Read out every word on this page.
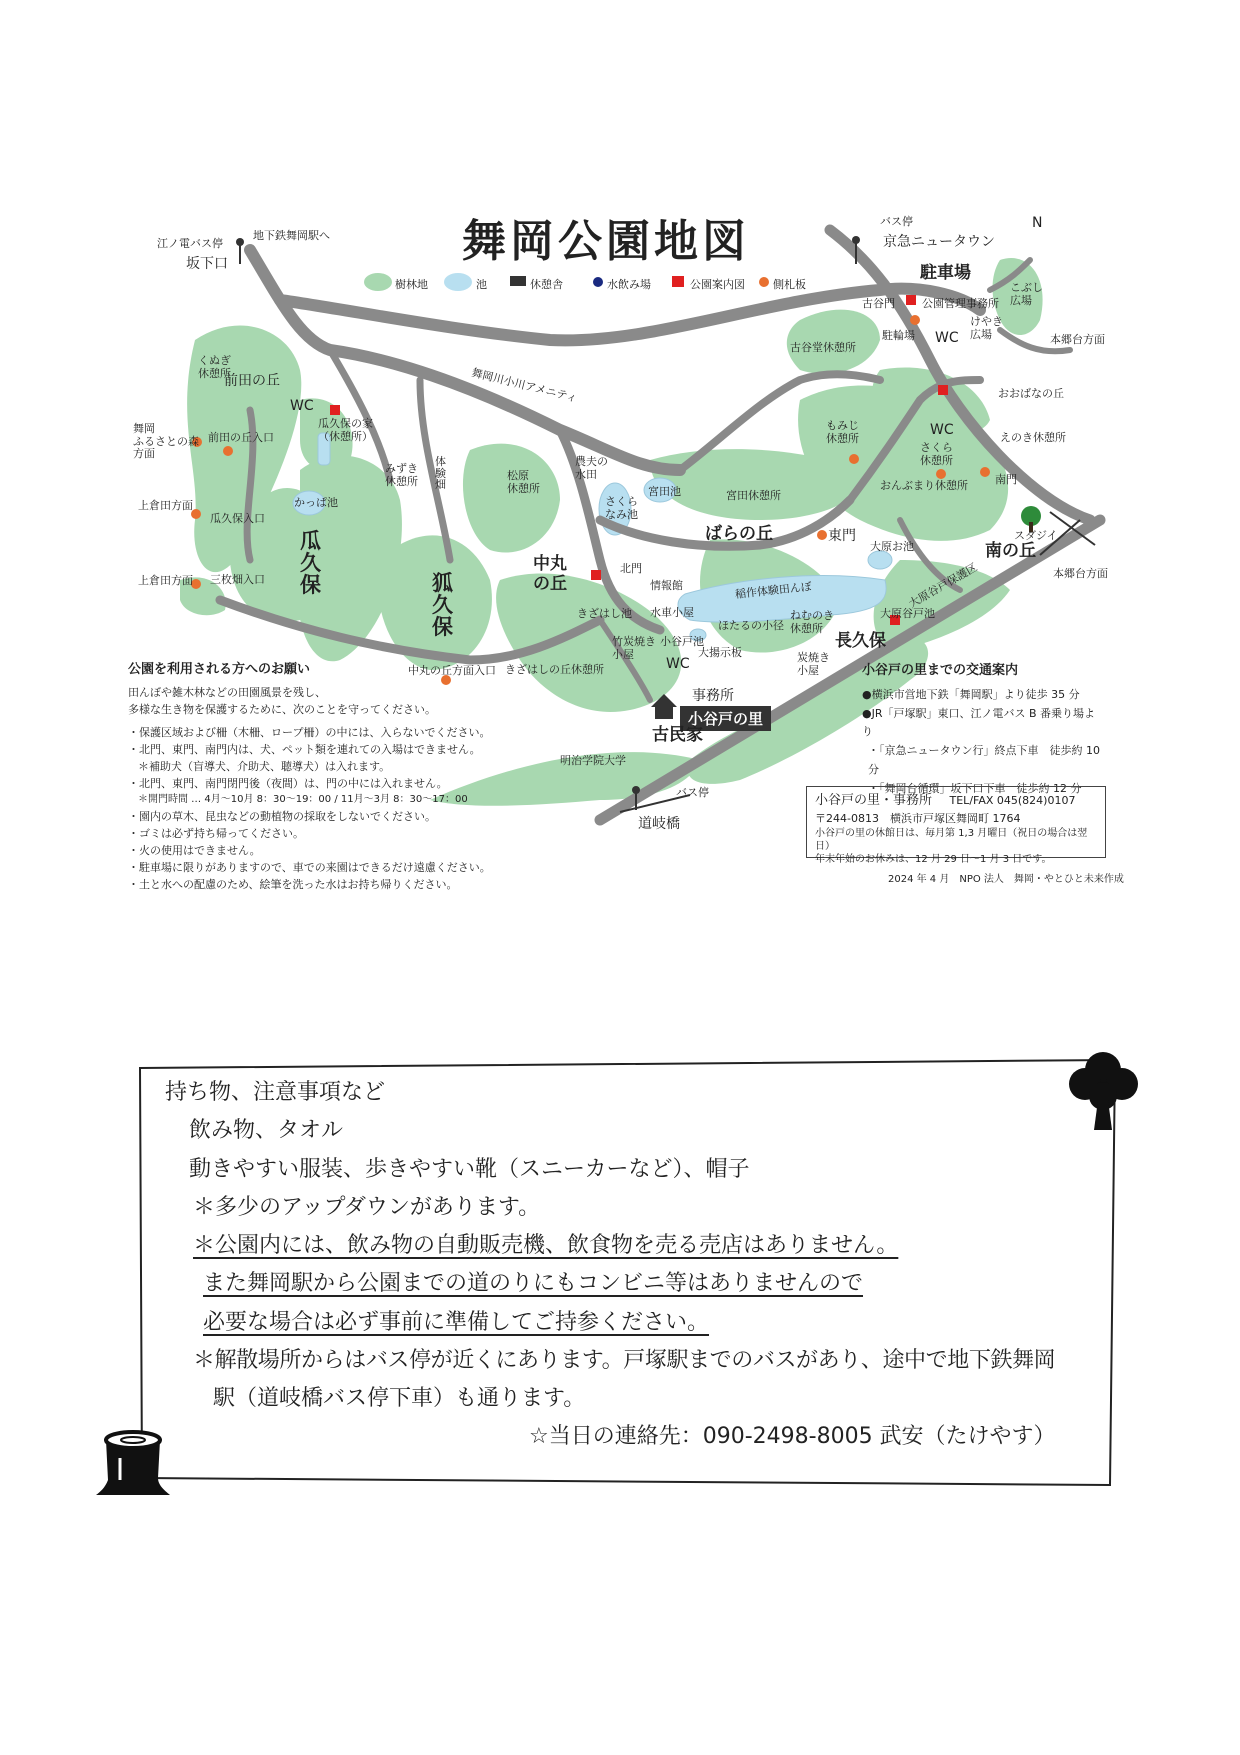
舞岡公園地図
樹林地	池	休憩舎	水飲み場	公園案内図	側札板
N
地下鉄舞岡駅へ
江ノ電バス停
坂下口
バス停
京急ニュータウン
駐車場
こぶし
広場
公園管理事務所
古谷門
駐輪場 WC
けやき
広場	本郷台方面
古谷堂休憩所
おおばなの丘
えのき休憩所
くぬぎ
休憩所
前田の丘
WC
瓜久保の家
（休憩所）
舞岡
ふるさとの森
方面
前田の丘入口
上倉田方面
瓜久保入口
上倉田方面 三枚畑入口
かっぱ池
瓜
久
保
みずき
休憩所
体
験
畑
狐
久
保
舞岡川小川アメニティ
松原
休憩所
農夫の
水田
さくら
なみ池
宮田池	宮田休憩所
もみじ
休憩所
WC
さくら
休憩所
南門
おんぶまり休憩所
ばらの丘	東門
大原お池	南の丘
スダジイ
本郷台方面
中丸
の丘
北門
情報館
きざはし池 水車小屋
稲作体験田んぼ
大原谷戸池
大原谷戸保護区
竹炭焼き
小屋
小谷戸池
ほたるの小径
ねむのき
休憩所
長久保
炭焼き
小屋
WC
大揚示板
きざはしの丘休憩所
中丸の丘方面入口
事務所
小谷戸の里
古民家
明治学院大学
バス停
道岐橋
公園を利用される方へのお願い
田んぼや雑木林などの田園風景を残し、
多様な生き物を保護するために、次のことを守ってください。
・保護区域および柵（木柵、ロープ柵）の中には、入らないでください。
・北門、東門、南門内は、犬、ペット類を連れての入場はできません。
＊補助犬（盲導犬、介助犬、聴導犬）は入れます。
・北門、東門、南門閉門後（夜間）は、門の中には入れません。
＊開門時間 … 4月〜10月 8：30〜19：00 / 11月〜3月 8：30〜17：00
・園内の草木、昆虫などの動植物の採取をしないでください。
・ゴミは必ず持ち帰ってください。
・火の使用はできません。
・駐車場に限りがありますので、車での来園はできるだけ遠慮ください。
・土と水への配慮のため、絵筆を洗った水はお持ち帰りください。
小谷戸の里までの交通案内
●横浜市営地下鉄「舞岡駅」より徒歩 35 分
●JR「戸塚駅」東口、江ノ電バス B 番乗り場より
・「京急ニュータウン行」終点下車　徒歩約 10 分
・「舞岡台循環」坂下口下車　徒歩約 12 分
小谷戸の里・事務所 TEL/FAX 045(824)0107
〒244-0813　横浜市戸塚区舞岡町 1764
小谷戸の里の休館日は、毎月第 1,3 月曜日（祝日の場合は翌日）
年末年始のお休みは、12 月 29 日〜1 月 3 日です。
2024 年 4 月　NPO 法人　舞岡・やとひと未来作成
持ち物、注意事項など
飲み物、タオル
動きやすい服装、歩きやすい靴（スニーカーなど）、帽子
＊多少のアップダウンがあります。
＊公園内には、飲み物の自動販売機、飲食物を売る売店はありません。
また舞岡駅から公園までの道のりにもコンビニ等はありませんので
必要な場合は必ず事前に準備してご持参ください。
＊解散場所からはバス停が近くにあります。戸塚駅までのバスがあり、途中で地下鉄舞岡
駅（道岐橋バス停下車）も通ります。
☆当日の連絡先：090-2498-8005 武安（たけやす）
